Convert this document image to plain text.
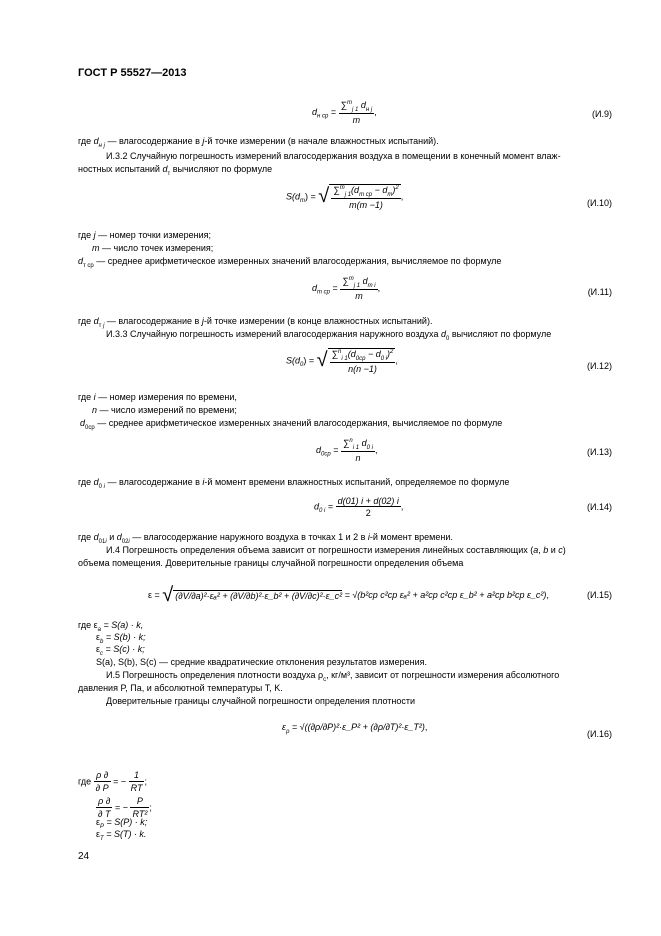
ГОСТ Р 55527—2013
$d_{н ср} = \frac{\sum^m_{j 1} d_{н j}}{m}$ ,	(И.9)
где $d_{н j}$ — влагосодержание в j-й точке измерении (в начале влажностных испытаний).
И.3.2 Случайную погрешность измерений влагосодержания воздуха в помещении в конечный момент влаж-
ностных испытаний $d_т$ вычисляют по формуле
$S(d_т)$ = √ $\frac{\sum^m_{j 1}(d_{т ср} - d_т)^2}{m(m -1)}$ ,
(И.10)
где j — номер точки измерения;
m — число точек измерения;
$d_{т ср}$ — среднее арифметическое измеренных значений влагосодержания, вычисляемое по формуле
$d_{т ср} = \frac{\sum^m_{j 1} d_{т i}}{m}$ ,	(И.11)
где $d_{т j}$ — влагосодержание в j-й точке измерении (в конце влажностных испытаний).
И.3.3 Случайную погрешность измерений влагосодержания наружного воздуха $d_0$ вычисляют по формуле
$S(d_0)$ = √ $\frac{\sum^n_{i 1}(d_{0ср} - d_{0 i})^2}{n(n -1)}$ ,
(И.12)
где i — номер измерения по времени,
n — число измерений по времени;
$d_{0ср}$ — среднее арифметическое измеренных значений влагосодержания, вычисляемое по формуле
$d_{0ср} = \frac{\sum^n_{i 1} d_{0 i}}{n}$ ,	(И.13)
где $d_{0 i}$ — влагосодержание в i-й момент времени влажностных испытаний, определяемое по формуле
$d_{0 i} = \frac{d(01) i + d(02) i}{2}$ ,	(И.14)
где $d_{01i}$ и $d_{02i}$ — влагосодержание наружного воздуха в точках 1 и 2 в i-й момент времени.
И.4 Погрешность определения объема зависит от погрешности измерения линейных составляющих (a, b и c)
объема помещения. Доверительные границы случайной погрешности определения объема
ε = √ (∂V/∂a)²·εₐ² + (∂V/∂b)²·ε_b² + (∂V/∂c)²·ε_c² = √(b²ср c²ср εₐ² + a²ср c²ср ε_b² + a²ср b²ср ε_c²),	(И.15)
где $\varepsilon_a = S(a) \cdot k$,
$\varepsilon_b = S(b) \cdot k$;
$\varepsilon_c = S(c) \cdot k$;
S(a), S(b), S(c) — средние квадратические отклонения результатов измерения.
И.5 Погрешность определения плотности воздуха $\rho_с$, кг/м³, зависит от погрешности измерения абсолютного
давления P, Па, и абсолютной температуры T, K.
Доверительные границы случайной погрешности определения плотности
$\varepsilon_\rho$ = √((∂ρ/∂P)²·ε_P² + (∂ρ/∂T)²·ε_T²),
(И.16)
где $\frac{\rho \partial}{\partial P}$ = − $\frac{1}{RT}$ ;
$\frac{\rho \partial}{\partial T}$ = − $\frac{P}{\text{RT²}}$ ;
$\varepsilon_P = S(P) \cdot k$;
$\varepsilon_T = S(T) \cdot k$.
24
